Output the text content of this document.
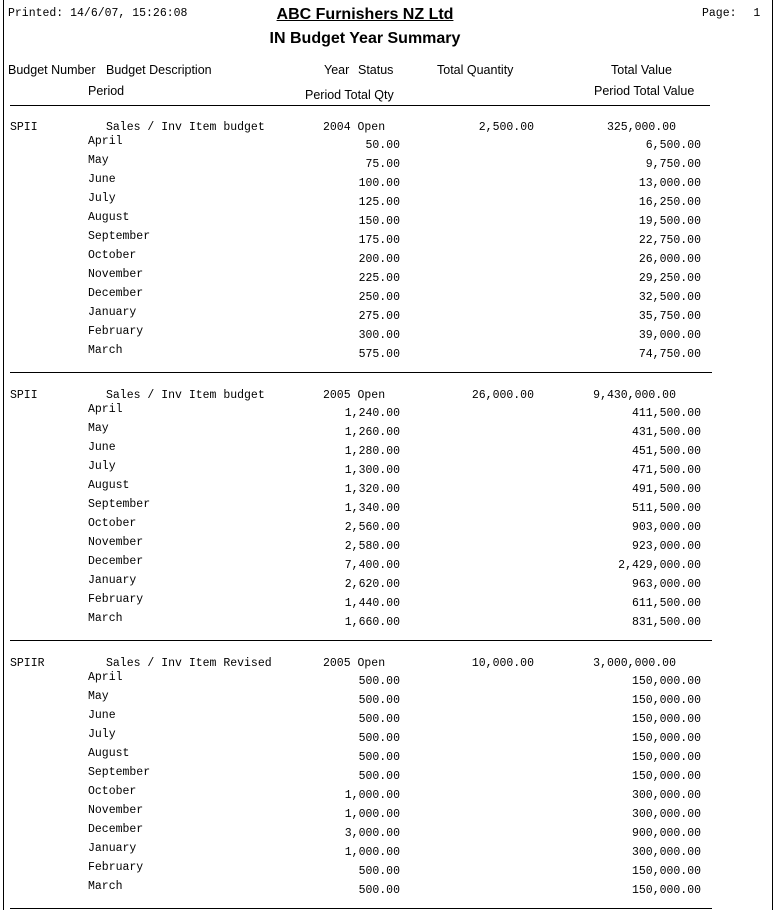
Printed: 14/6/07, 15:26:08	ABC Furnishers NZ Ltd
IN Budget Year Summary
Page: 1
Budget Number Budget Description	Year Status	Total Quantity	Total Value
Period	Period Total Qty	Period Total Value
SPII	Sales / Inv Item budget	2004 Open	2,500.00	325,000.00
April	50.00	6,500.00
May	75.00	9,750.00
June	100.00	13,000.00
July	125.00	16,250.00
August	150.00	19,500.00
September	175.00	22,750.00
October	200.00	26,000.00
November	225.00	29,250.00
December	250.00	32,500.00
January	275.00	35,750.00
February	300.00	39,000.00
March	575.00	74,750.00
SPII	Sales / Inv Item budget	2005 Open	26,000.00	9,430,000.00
April	1,240.00	411,500.00
May	1,260.00	431,500.00
June	1,280.00	451,500.00
July	1,300.00	471,500.00
August	1,320.00	491,500.00
September	1,340.00	511,500.00
October	2,560.00	903,000.00
November	2,580.00	923,000.00
December	7,400.00	2,429,000.00
January	2,620.00	963,000.00
February	1,440.00	611,500.00
March	1,660.00	831,500.00
SPIIR	Sales / Inv Item Revised	2005 Open	10,000.00	3,000,000.00
April	500.00	150,000.00
May	500.00	150,000.00
June	500.00	150,000.00
July	500.00	150,000.00
August	500.00	150,000.00
September	500.00	150,000.00
October	1,000.00	300,000.00
November	1,000.00	300,000.00
December	3,000.00	900,000.00
January	1,000.00	300,000.00
February	500.00	150,000.00
March	500.00	150,000.00
